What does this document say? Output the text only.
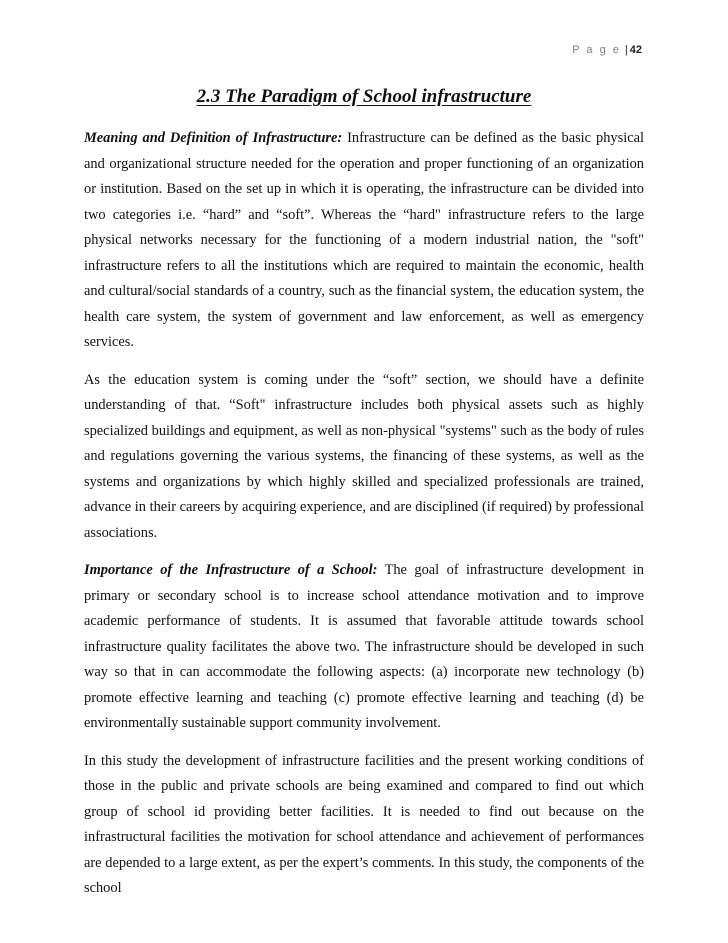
P a g e | 42
2.3 The Paradigm of School infrastructure

Meaning and Definition of Infrastructure: Infrastructure can be defined as the basic physical and organizational structure needed for the operation and proper functioning of an organization or institution. Based on the set up in which it is operating, the infrastructure can be divided into two categories i.e. “hard” and “soft”. Whereas the “hard" infrastructure refers to the large physical networks necessary for the functioning of a modern industrial nation, the "soft" infrastructure refers to all the institutions which are required to maintain the economic, health and cultural/social standards of a country, such as the financial system, the education system, the health care system, the system of government and law enforcement, as well as emergency services.

As the education system is coming under the “soft” section, we should have a definite understanding of that. “Soft" infrastructure includes both physical assets such as highly specialized buildings and equipment, as well as non-physical "systems" such as the body of rules and regulations governing the various systems, the financing of these systems, as well as the systems and organizations by which highly skilled and specialized professionals are trained, advance in their careers by acquiring experience, and are disciplined (if required) by professional associations.

Importance of the Infrastructure of a School: The goal of infrastructure development in primary or secondary school is to increase school attendance motivation and to improve academic performance of students. It is assumed that favorable attitude towards school infrastructure quality facilitates the above two. The infrastructure should be developed in such way so that in can accommodate the following aspects: (a) incorporate new technology (b) promote effective learning and teaching (c) promote effective learning and teaching (d) be environmentally sustainable support community involvement.

In this study the development of infrastructure facilities and the present working conditions of those in the public and private schools are being examined and compared to find out which group of school id providing better facilities. It is needed to find out because on the infrastructural facilities the motivation for school attendance and achievement of performances are depended to a large extent, as per the expert’s comments. In this study, the components of the school
